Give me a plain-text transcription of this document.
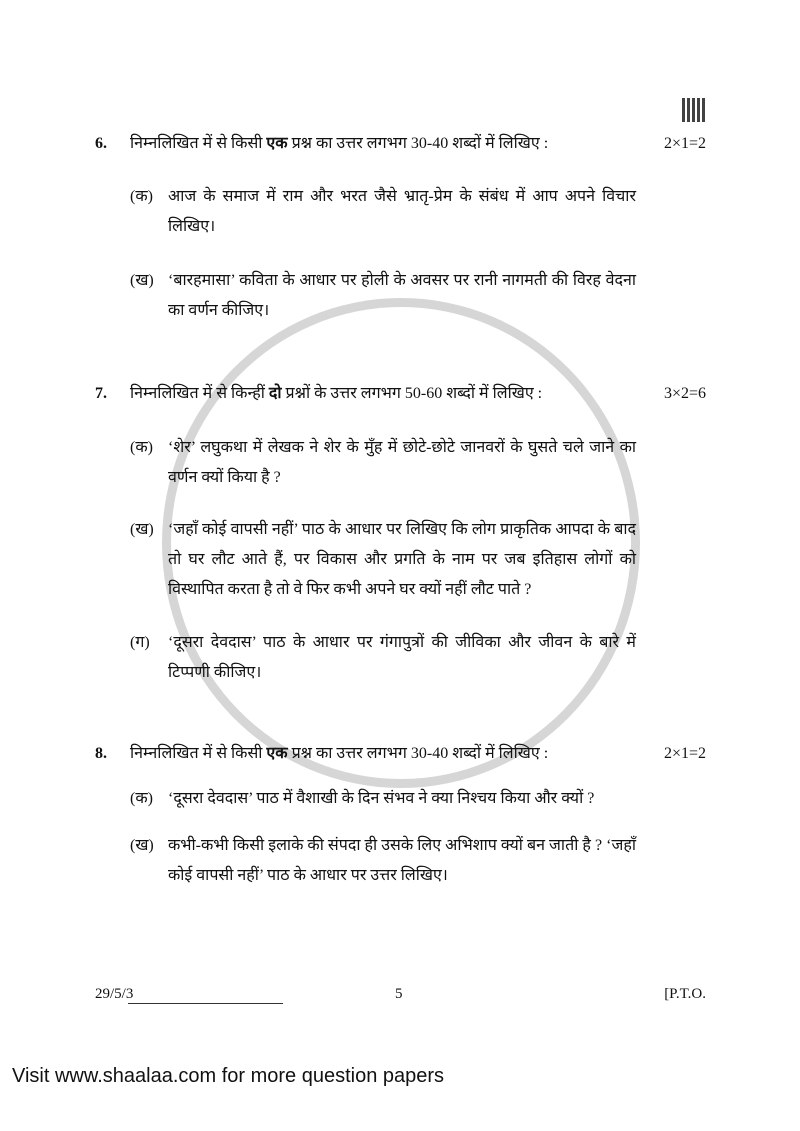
6.	निम्नलिखित में से किसी एक प्रश्न का उत्तर लगभग 30-40 शब्दों में लिखिए :	2×1=2
(क) आज के समाज में राम और भरत जैसे भ्रातृ-प्रेम के संबंध में आप अपने विचार लिखिए।
(ख) ‘बारहमासा’ कविता के आधार पर होली के अवसर पर रानी नागमती की विरह वेदना का वर्णन कीजिए।
7.	निम्नलिखित में से किन्हीं दो प्रश्नों के उत्तर लगभग 50-60 शब्दों में लिखिए :	3×2=6
(क) ‘शेर’ लघुकथा में लेखक ने शेर के मुँह में छोटे-छोटे जानवरों के घुसते चले जाने का वर्णन क्यों किया है ?
(ख) ‘जहाँ कोई वापसी नहीं’ पाठ के आधार पर लिखिए कि लोग प्राकृतिक आपदा के बाद तो घर लौट आते हैं, पर विकास और प्रगति के नाम पर जब इतिहास लोगों को विस्थापित करता है तो वे फिर कभी अपने घर क्यों नहीं लौट पाते ?
(ग)	‘दूसरा देवदास’ पाठ के आधार पर गंगापुत्रों की जीविका और जीवन के बारे में टिप्पणी कीजिए।
8.	निम्नलिखित में से किसी एक प्रश्न का उत्तर लगभग 30-40 शब्दों में लिखिए :	2×1=2
(क) ‘दूसरा देवदास’ पाठ में वैशाखी के दिन संभव ने क्या निश्चय किया और क्यों ?
(ख) कभी-कभी किसी इलाके की संपदा ही उसके लिए अभिशाप क्यों बन जाती है ? ‘जहाँ कोई वापसी नहीं’ पाठ के आधार पर उत्तर लिखिए।
29/5/3	5	[P.T.O.
Visit www.shaalaa.com for more question papers
